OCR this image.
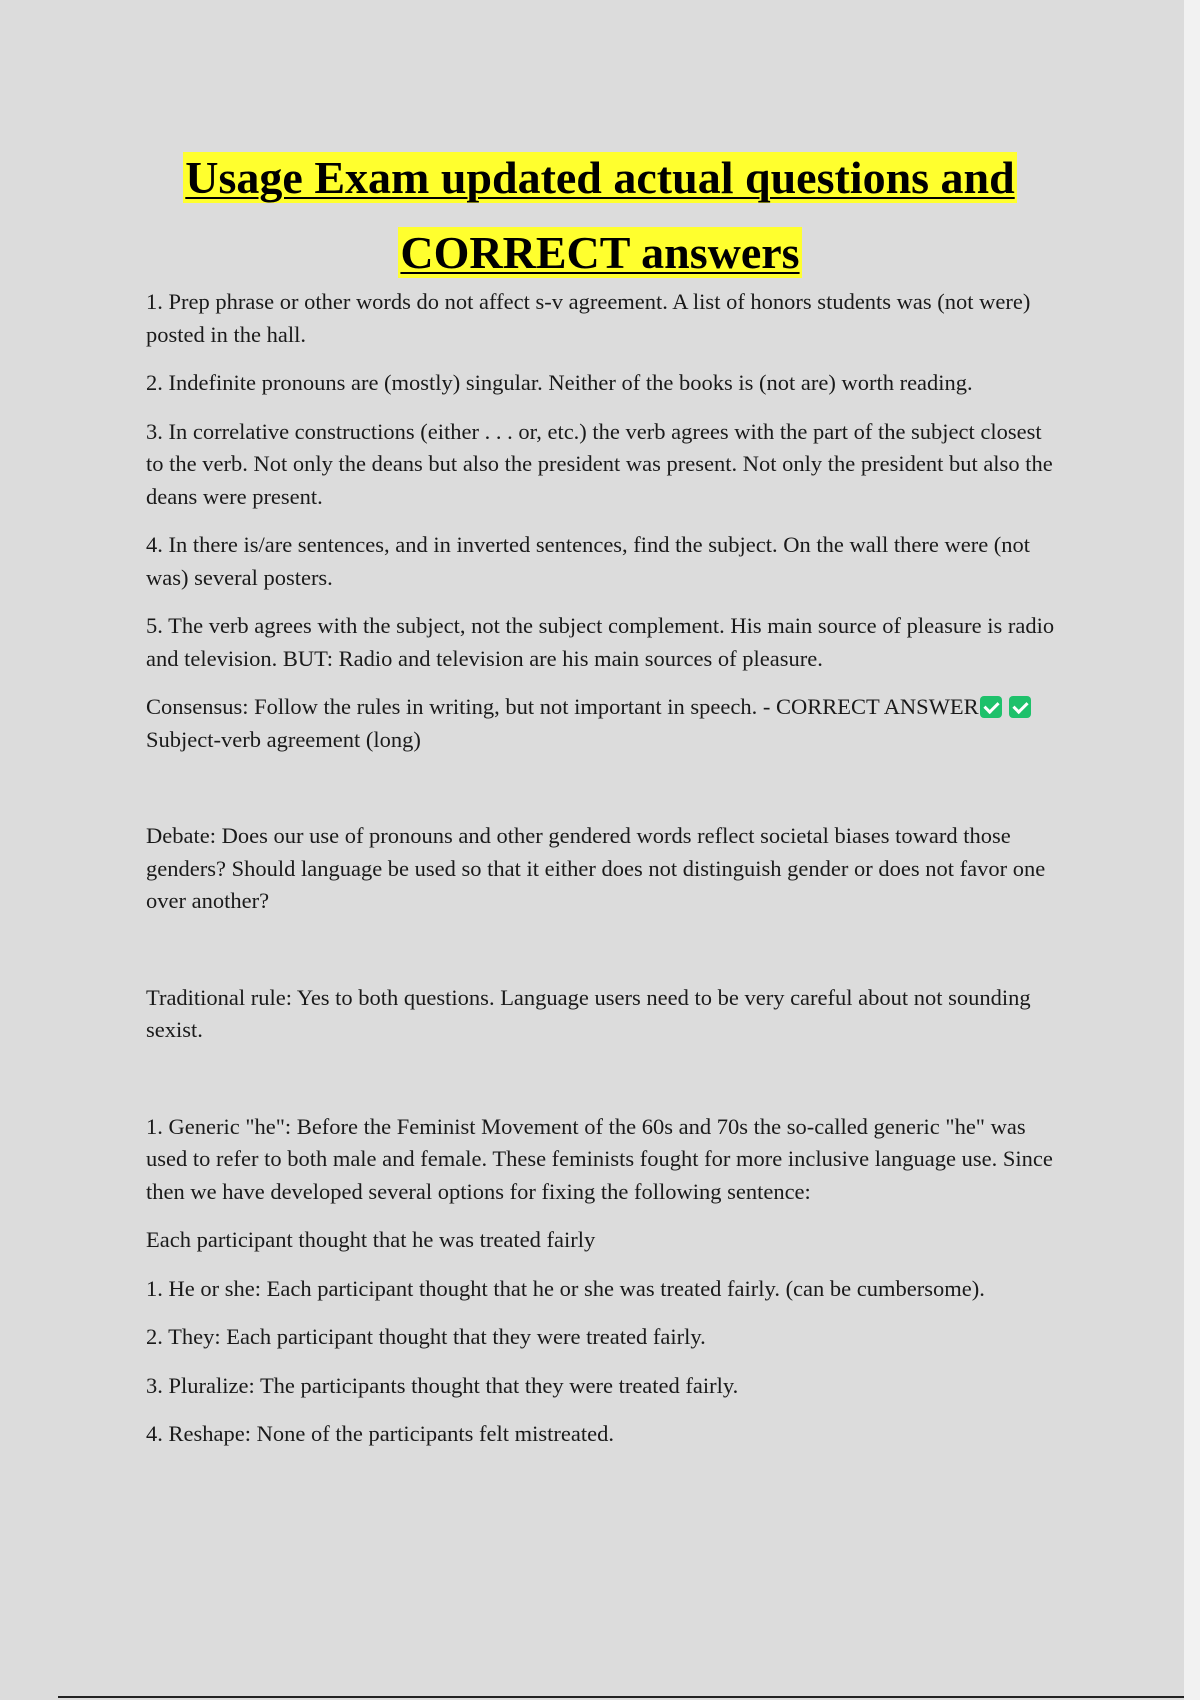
Usage Exam updated actual questions and CORRECT answers

1. Prep phrase or other words do not affect s-v agreement. A list of honors students was (not were) posted in the hall.

2. Indefinite pronouns are (mostly) singular. Neither of the books is (not are) worth reading.

3. In correlative constructions (either . . . or, etc.) the verb agrees with the part of the subject closest to the verb. Not only the deans but also the president was present. Not only the president but also the deans were present.

4. In there is/are sentences, and in inverted sentences, find the subject. On the wall there were (not was) several posters.

5. The verb agrees with the subject, not the subject complement. His main source of pleasure is radio and television. BUT: Radio and television are his main sources of pleasure.

Consensus: Follow the rules in writing, but not important in speech. - CORRECT ANSWER Subject-verb agreement (long)

Debate: Does our use of pronouns and other gendered words reflect societal biases toward those genders? Should language be used so that it either does not distinguish gender or does not favor one over another?

Traditional rule: Yes to both questions. Language users need to be very careful about not sounding sexist.

1. Generic "he": Before the Feminist Movement of the 60s and 70s the so-called generic "he" was used to refer to both male and female. These feminists fought for more inclusive language use. Since then we have developed several options for fixing the following sentence:

Each participant thought that he was treated fairly

1. He or she: Each participant thought that he or she was treated fairly. (can be cumbersome).

2. They: Each participant thought that they were treated fairly.

3. Pluralize: The participants thought that they were treated fairly.

4. Reshape: None of the participants felt mistreated.
